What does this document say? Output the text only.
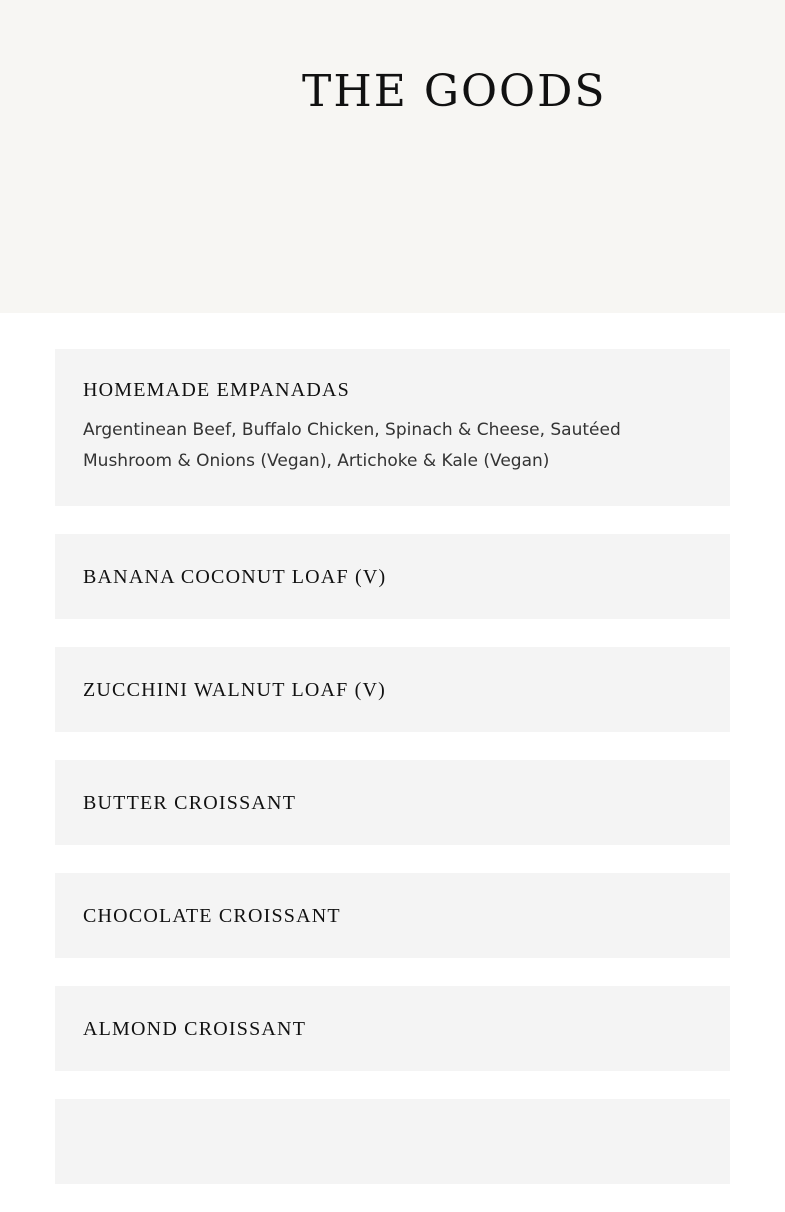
THE GOODS

HOMEMADE EMPANADAS

Argentinean Beef, Buffalo Chicken, Spinach & Cheese, Sautéed Mushroom & Onions (Vegan), Artichoke & Kale (Vegan)

BANANA COCONUT LOAF (V)

ZUCCHINI WALNUT LOAF (V)

BUTTER CROISSANT

CHOCOLATE CROISSANT

ALMOND CROISSANT
